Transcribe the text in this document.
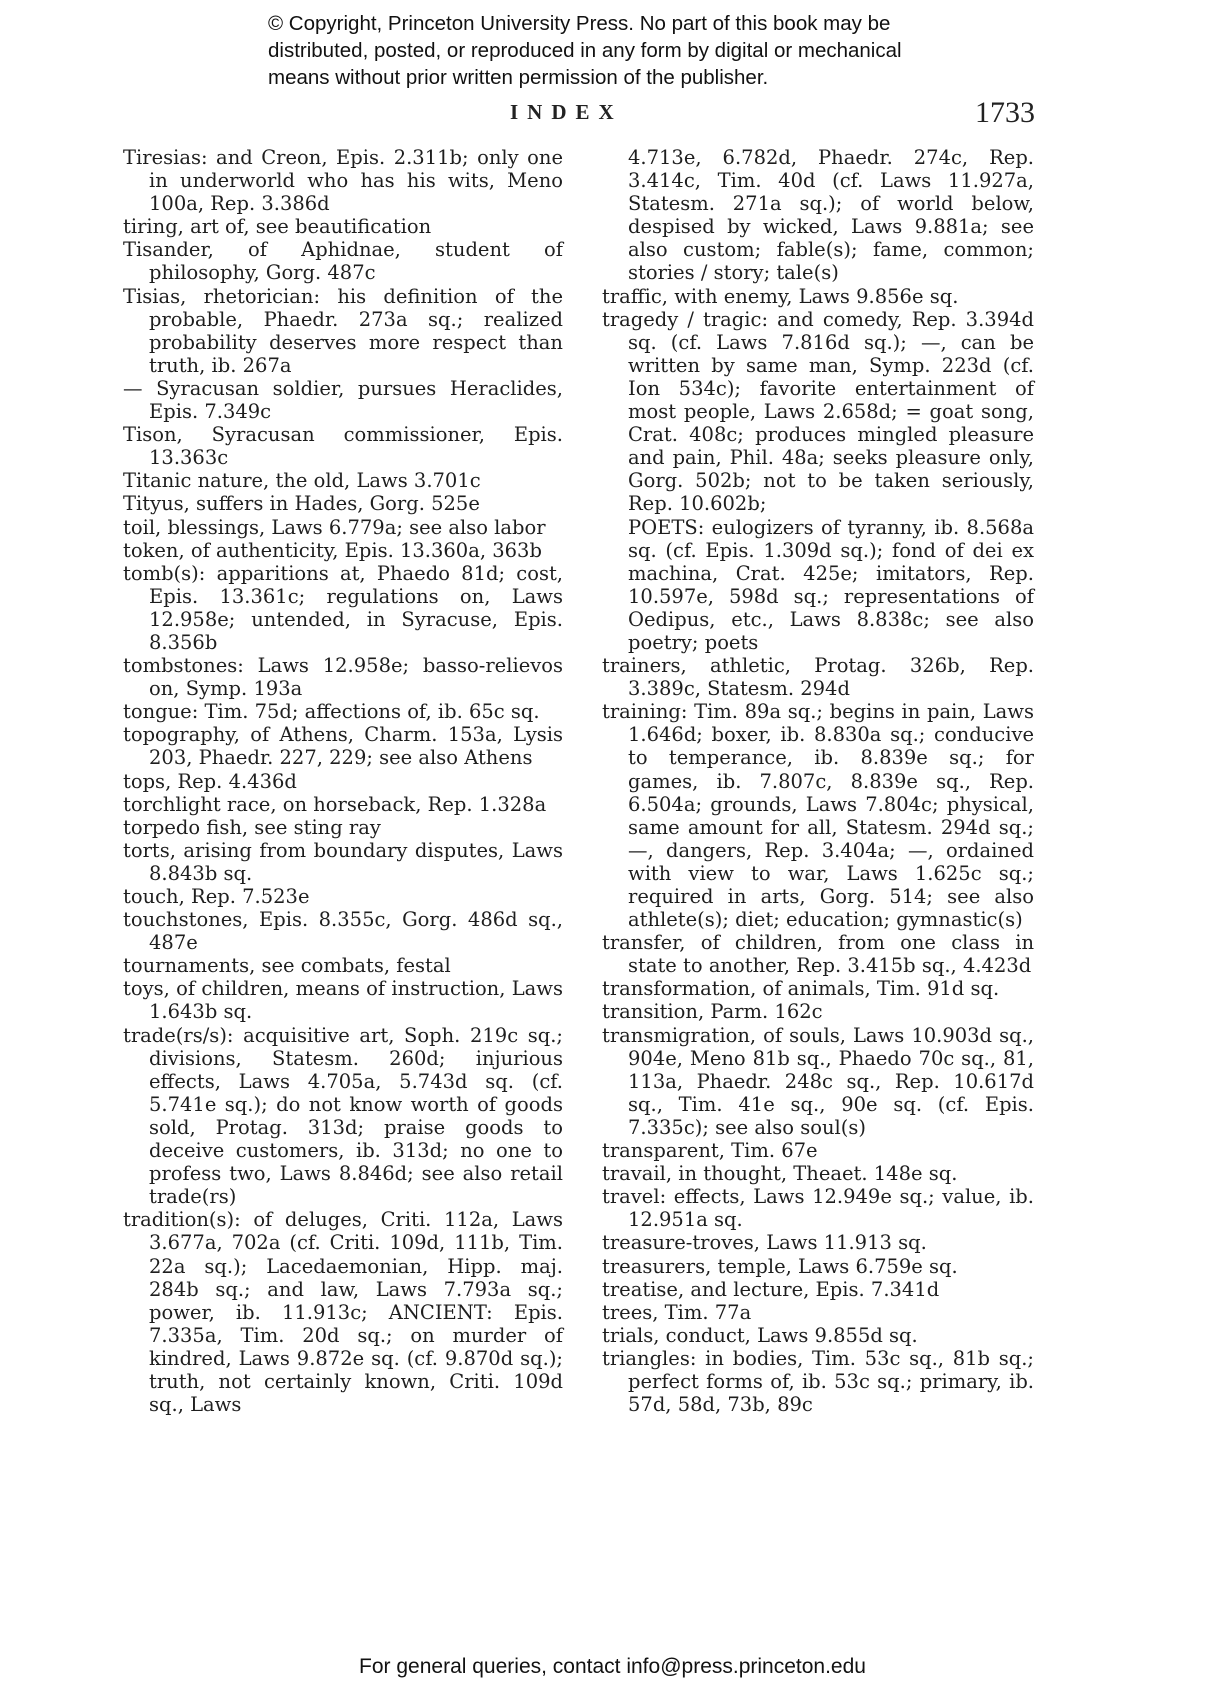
© Copyright, Princeton University Press. No part of this book may be
distributed, posted, or reproduced in any form by digital or mechanical
means without prior written permission of the publisher.
INDEX	1733
Tiresias: and Creon, Epis. 2.311b; only one in underworld who has his wits, Meno 100a, Rep. 3.386d
tiring, art of, see beautification
Tisander, of Aphidnae, student of philosophy, Gorg. 487c
Tisias, rhetorician: his definition of the probable, Phaedr. 273a sq.; realized probability deserves more respect than truth, ib. 267a
— Syracusan soldier, pursues Heraclides, Epis. 7.349c
Tison, Syracusan commissioner, Epis. 13.363c
Titanic nature, the old, Laws 3.701c
Tityus, suffers in Hades, Gorg. 525e
toil, blessings, Laws 6.779a; see also labor
token, of authenticity, Epis. 13.360a, 363b
tomb(s): apparitions at, Phaedo 81d; cost, Epis. 13.361c; regulations on, Laws 12.958e; untended, in Syracuse, Epis. 8.356b
tombstones: Laws 12.958e; basso-relievos on, Symp. 193a
tongue: Tim. 75d; affections of, ib. 65c sq.
topography, of Athens, Charm. 153a, Lysis 203, Phaedr. 227, 229; see also Athens
tops, Rep. 4.436d
torchlight race, on horseback, Rep. 1.328a
torpedo fish, see sting ray
torts, arising from boundary disputes, Laws 8.843b sq.
touch, Rep. 7.523e
touchstones, Epis. 8.355c, Gorg. 486d sq., 487e
tournaments, see combats, festal
toys, of children, means of instruction, Laws 1.643b sq.
trade(rs/s): acquisitive art, Soph. 219c sq.; divisions, Statesm. 260d; injurious effects, Laws 4.705a, 5.743d sq. (cf. 5.741e sq.); do not know worth of goods sold, Protag. 313d; praise goods to deceive customers, ib. 313d; no one to profess two, Laws 8.846d; see also retail trade(rs)
tradition(s): of deluges, Criti. 112a, Laws 3.677a, 702a (cf. Criti. 109d, 111b, Tim. 22a sq.); Lacedaemonian, Hipp. maj. 284b sq.; and law, Laws 7.793a sq.; power, ib. 11.913c; ANCIENT: Epis. 7.335a, Tim. 20d sq.; on murder of kindred, Laws 9.872e sq. (cf. 9.870d sq.); truth, not certainly known, Criti. 109d sq., Laws
4.713e, 6.782d, Phaedr. 274c, Rep. 3.414c, Tim. 40d (cf. Laws 11.927a, Statesm. 271a sq.); of world below, despised by wicked, Laws 9.881a; see also custom; fable(s); fame, common; stories / story; tale(s)
traffic, with enemy, Laws 9.856e sq.
tragedy / tragic: and comedy, Rep. 3.394d sq. (cf. Laws 7.816d sq.); —, can be written by same man, Symp. 223d (cf. Ion 534c); favorite entertainment of most people, Laws 2.658d; = goat song, Crat. 408c; produces mingled pleasure and pain, Phil. 48a; seeks pleasure only, Gorg. 502b; not to be taken seriously, Rep. 10.602b;
POETS: eulogizers of tyranny, ib. 8.568a sq. (cf. Epis. 1.309d sq.); fond of dei ex machina, Crat. 425e; imitators, Rep. 10.597e, 598d sq.; representations of Oedipus, etc., Laws 8.838c; see also poetry; poets
trainers, athletic, Protag. 326b, Rep. 3.389c, Statesm. 294d
training: Tim. 89a sq.; begins in pain, Laws 1.646d; boxer, ib. 8.830a sq.; conducive to temperance, ib. 8.839e sq.; for games, ib. 7.807c, 8.839e sq., Rep. 6.504a; grounds, Laws 7.804c; physical, same amount for all, Statesm. 294d sq.; —, dangers, Rep. 3.404a; —, ordained with view to war, Laws 1.625c sq.; required in arts, Gorg. 514; see also athlete(s); diet; education; gymnastic(s)
transfer, of children, from one class in state to another, Rep. 3.415b sq., 4.423d
transformation, of animals, Tim. 91d sq.
transition, Parm. 162c
transmigration, of souls, Laws 10.903d sq., 904e, Meno 81b sq., Phaedo 70c sq., 81, 113a, Phaedr. 248c sq., Rep. 10.617d sq., Tim. 41e sq., 90e sq. (cf. Epis. 7.335c); see also soul(s)
transparent, Tim. 67e
travail, in thought, Theaet. 148e sq.
travel: effects, Laws 12.949e sq.; value, ib. 12.951a sq.
treasure-troves, Laws 11.913 sq.
treasurers, temple, Laws 6.759e sq.
treatise, and lecture, Epis. 7.341d
trees, Tim. 77a
trials, conduct, Laws 9.855d sq.
triangles: in bodies, Tim. 53c sq., 81b sq.; perfect forms of, ib. 53c sq.; primary, ib. 57d, 58d, 73b, 89c
For general queries, contact info@press.princeton.edu
